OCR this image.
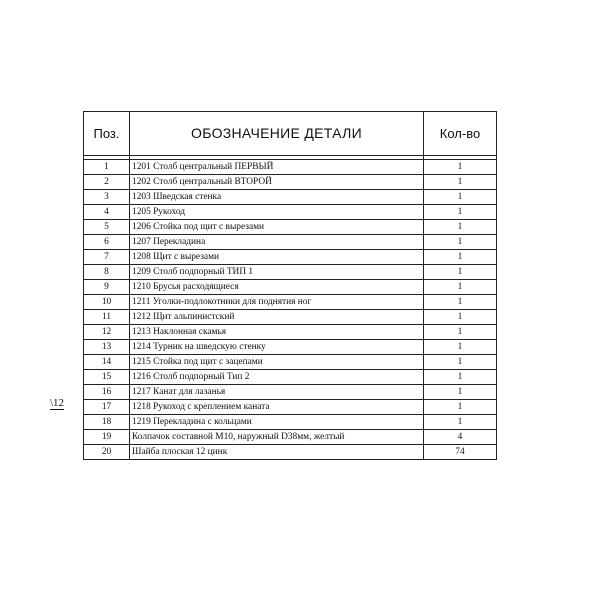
\12
Поз.	ОБОЗНАЧЕНИЕ ДЕТАЛИ	Кол-во

1	1201 Столб центральный ПЕРВЫЙ	1
2	1202 Столб центральный ВТОРОЙ	1
3	1203 Шведская стенка	1
4	1205 Рукоход	1
5	1206 Стойка под щит с вырезами	1
6	1207 Перекладина	1
7	1208 Щит с вырезами	1
8	1209 Столб подпорный ТИП 1	1
9	1210 Брусья расходящиеся	1
10	1211 Уголки-подлокотники для поднятия ног	1
11	1212 Щит альпинистский	1
12	1213 Наклонная скамья	1
13	1214 Турник на шведскую стенку	1
14	1215 Стойка под щит с зацепами	1
15	1216 Столб подпорный Тип 2	1
16	1217 Канат для лазанья	1
17	1218 Рукоход с креплением каната	1
18	1219 Перекладина с кольцами	1
19	Колпачок составной М10, наружный D38мм, желтый	4
20	Шайба плоская 12 цинк	74
